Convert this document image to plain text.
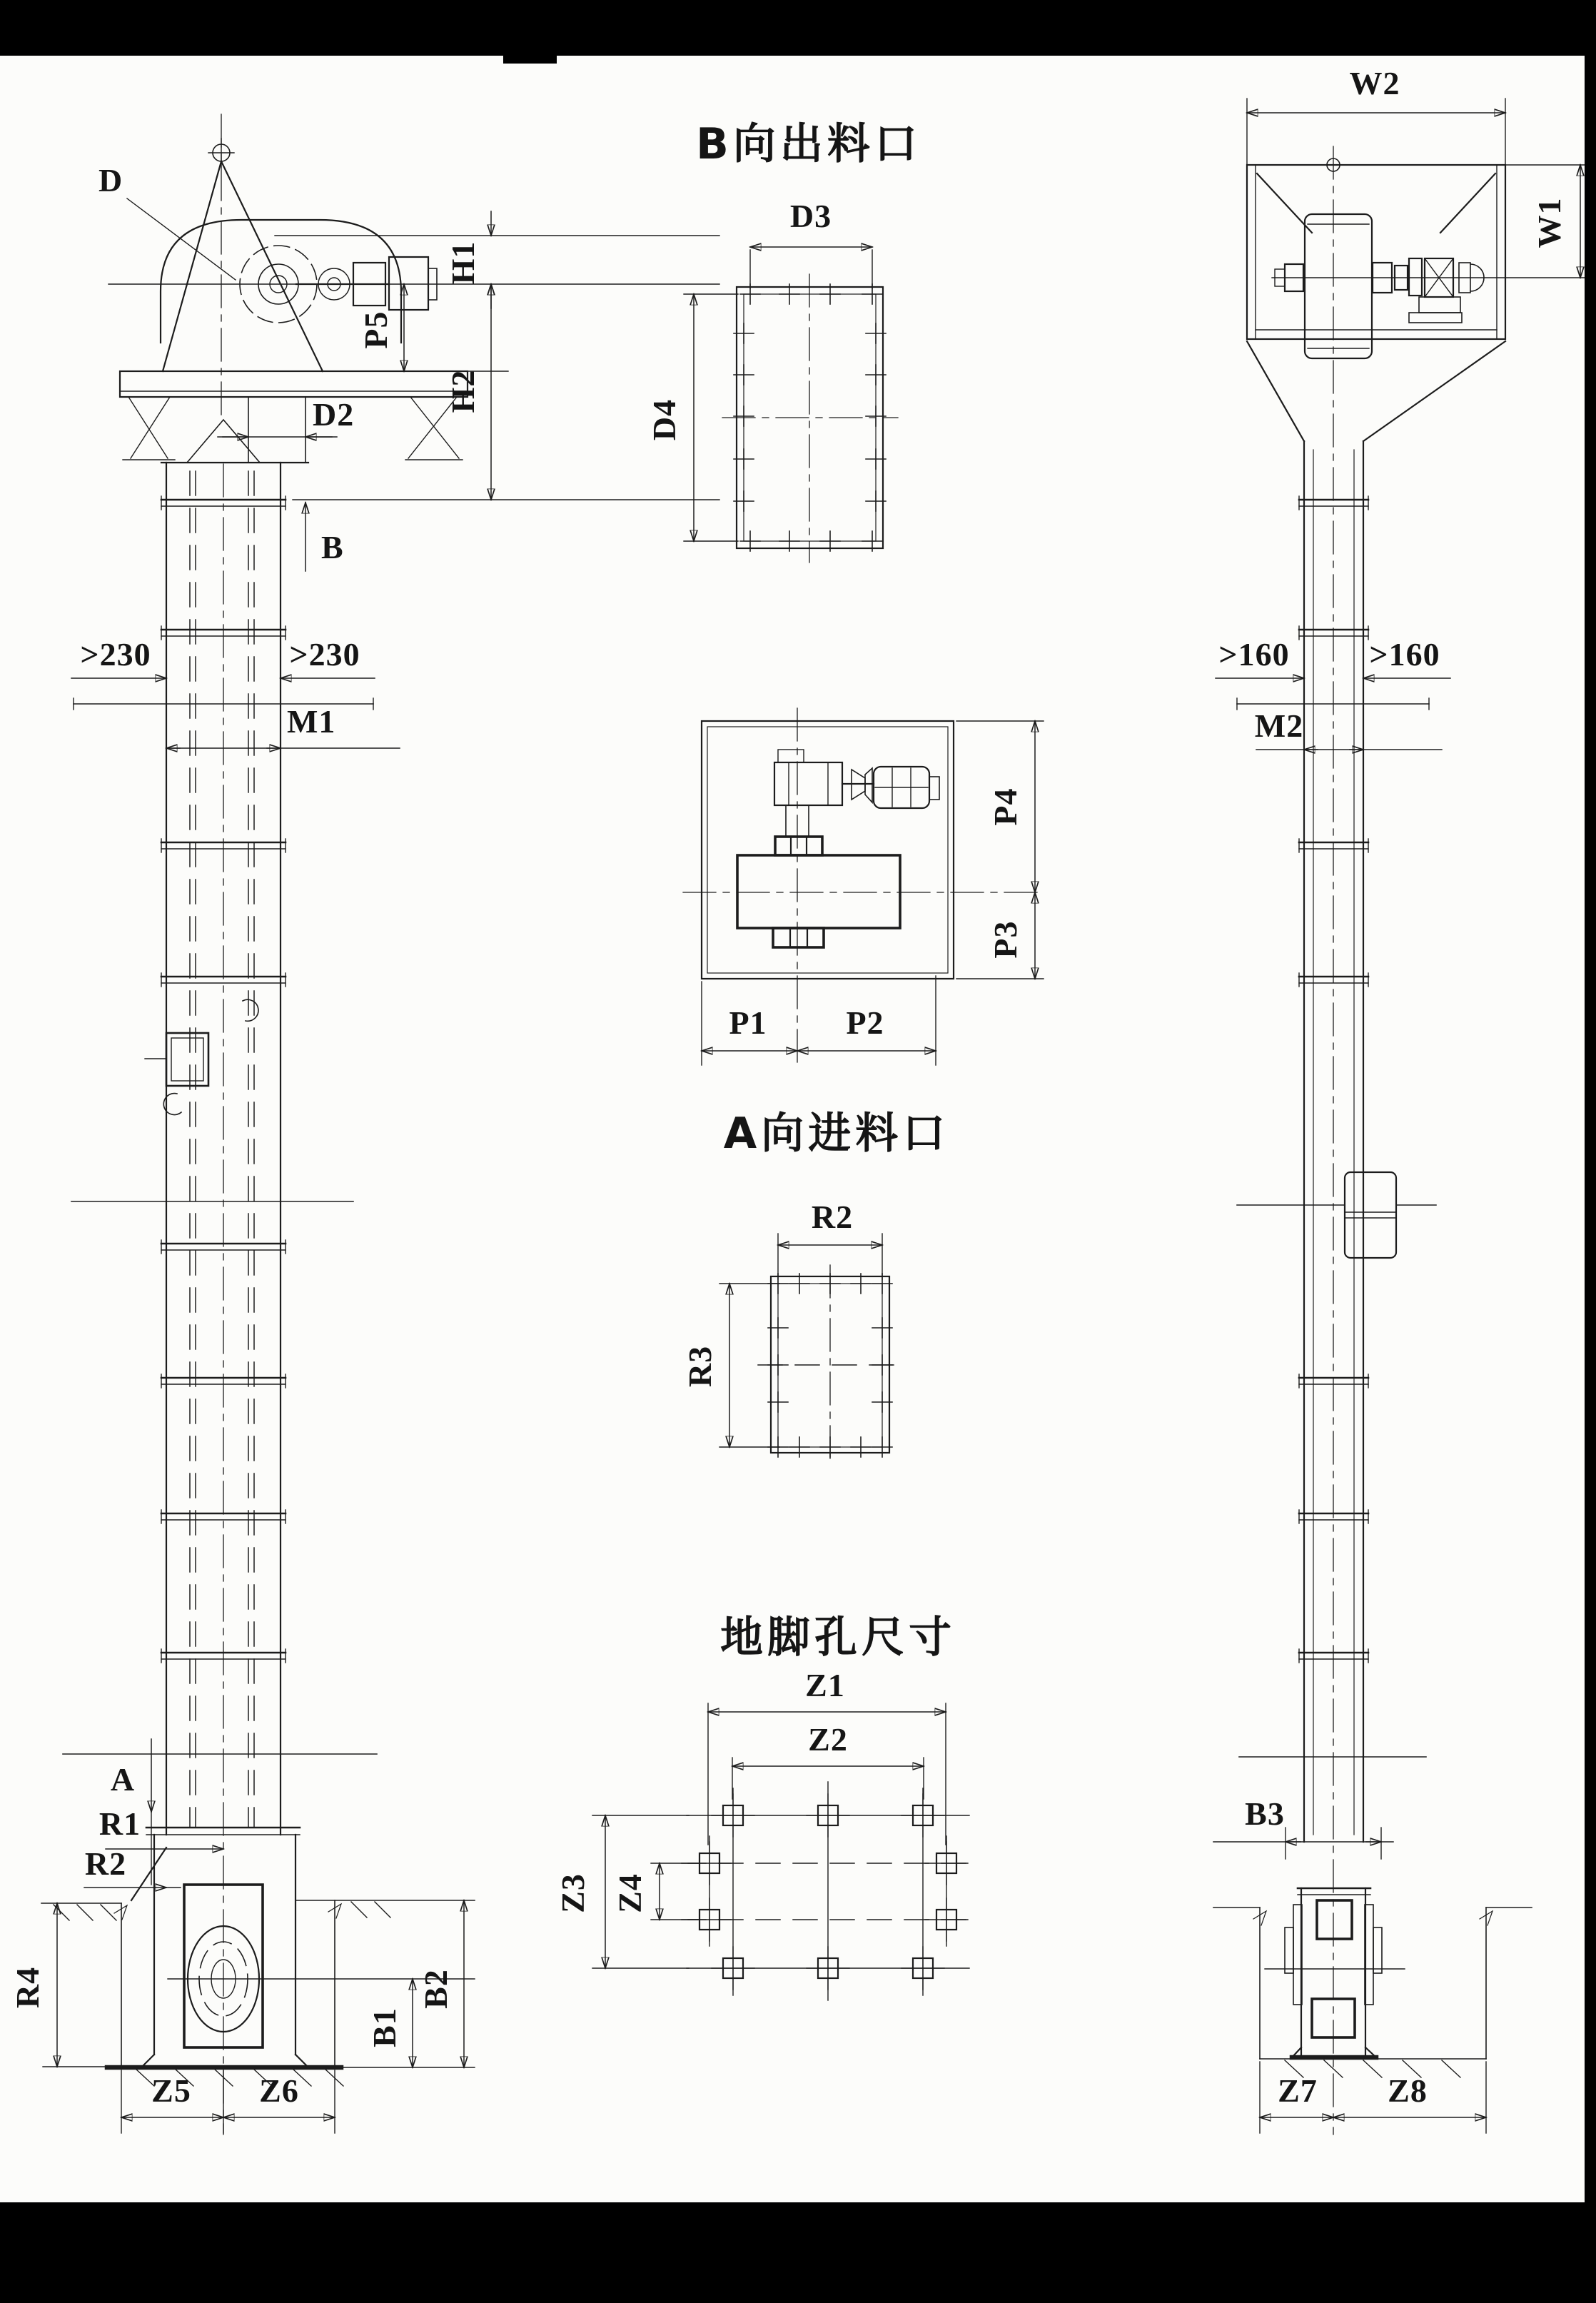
D2
D
H1
P5
H2
B
>230	>230
M1
A
R1
R2
R4
B1
B2
Z5 Z6
B向出料口
D3
D4
P1 P2
P4
P3
A向进料口
R2
R3
地脚孔尺寸
Z1
Z2
Z3 Z4
W2
W1
>160 >160
M2
B3
Z7 Z8
